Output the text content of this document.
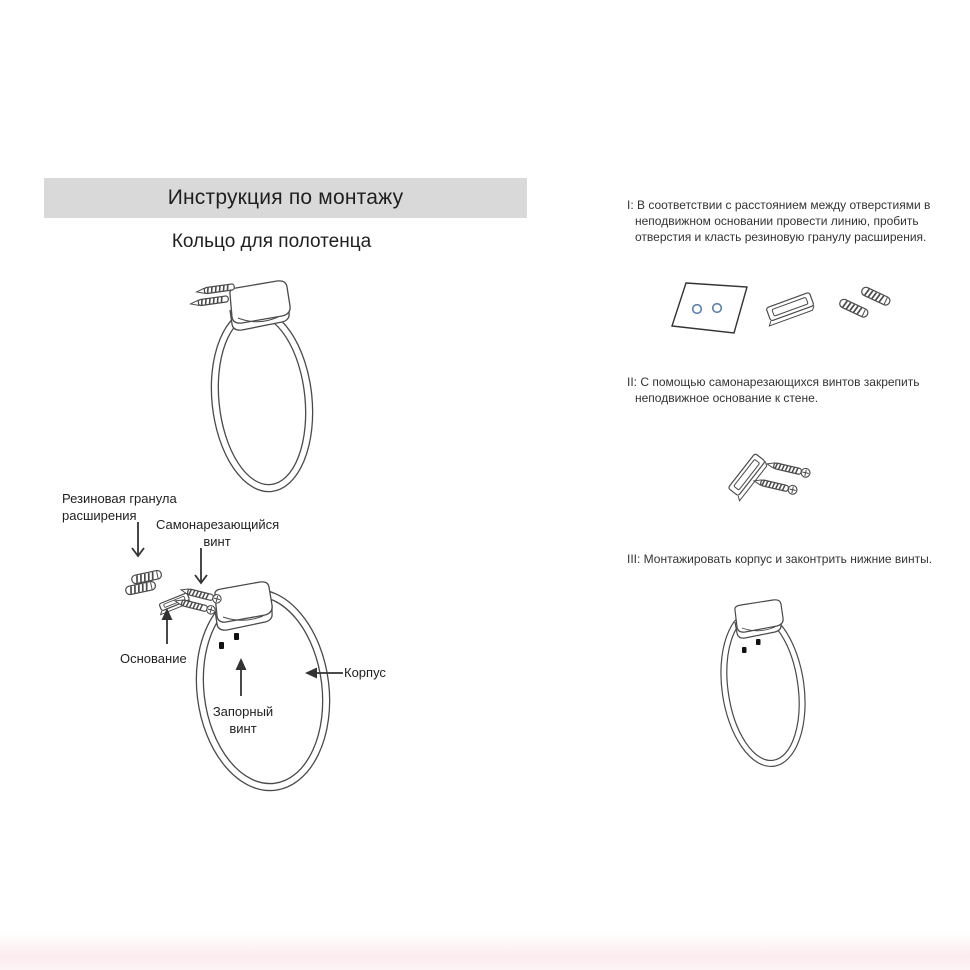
Инструкция по монтажу
Кольцо для полотенца
Резиновая гранула расширения
Самонарезающийся винт
Основание
Корпус
Запорный винт
I: В соответствии с расстоянием между отверстиями в неподвижном основании провести линию, пробить отверстия и класть резиновую гранулу расширения.
II: С помощью самонарезающихся винтов закрепить неподвижное основание к стене.
III: Монтажировать корпус и законтрить нижние винты.
